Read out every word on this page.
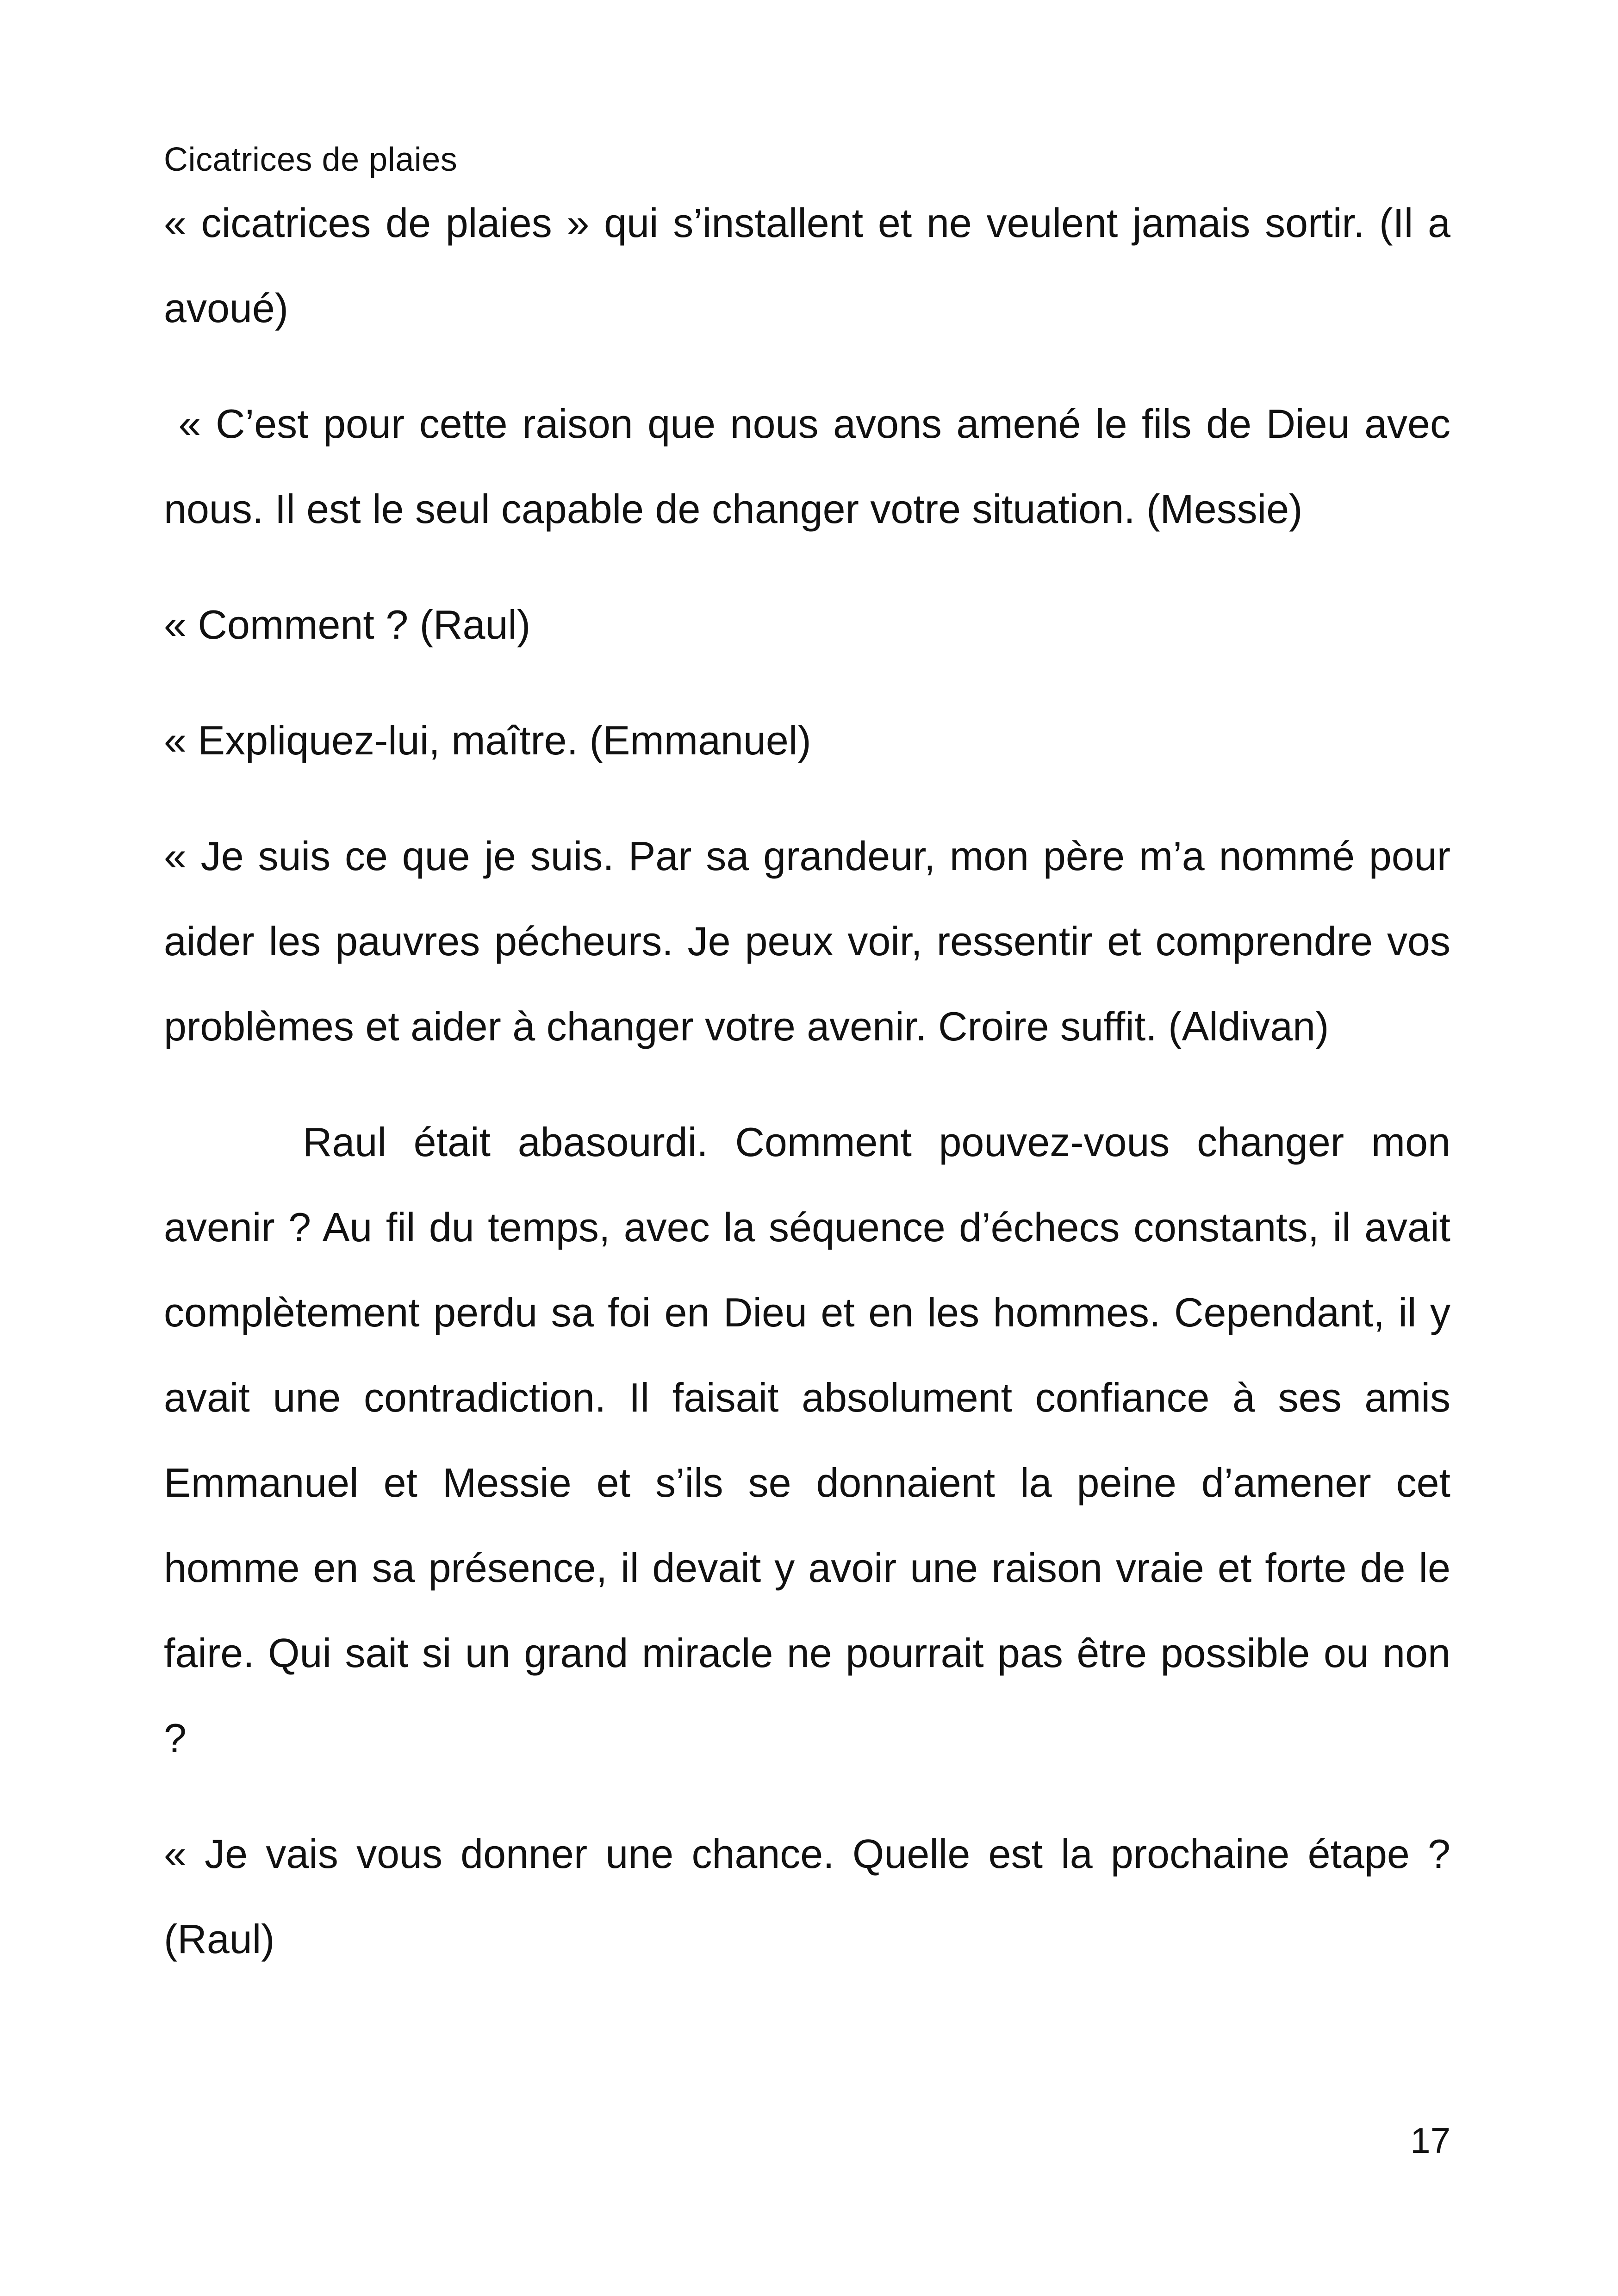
Cicatrices de plaies

« cicatrices de plaies » qui s’installent et ne veulent jamais sortir. (Il a avoué)

« C’est pour cette raison que nous avons amené le fils de Dieu avec nous. Il est le seul capable de changer votre situation. (Messie)

« Comment ? (Raul)

« Expliquez-lui, maître. (Emmanuel)

« Je suis ce que je suis. Par sa grandeur, mon père m’a nommé pour aider les pauvres pécheurs. Je peux voir, ressentir et comprendre vos problèmes et aider à changer votre avenir. Croire suffit. (Aldivan)

Raul était abasourdi. Comment pouvez-vous changer mon avenir ? Au fil du temps, avec la séquence d’échecs constants, il avait complètement perdu sa foi en Dieu et en les hommes. Cependant, il y avait une contradiction. Il faisait absolument confiance à ses amis Emmanuel et Messie et s’ils se donnaient la peine d’amener cet homme en sa présence, il devait y avoir une raison vraie et forte de le faire. Qui sait si un grand miracle ne pourrait pas être possible ou non ?

« Je vais vous donner une chance. Quelle est la prochaine étape ? (Raul)

17
